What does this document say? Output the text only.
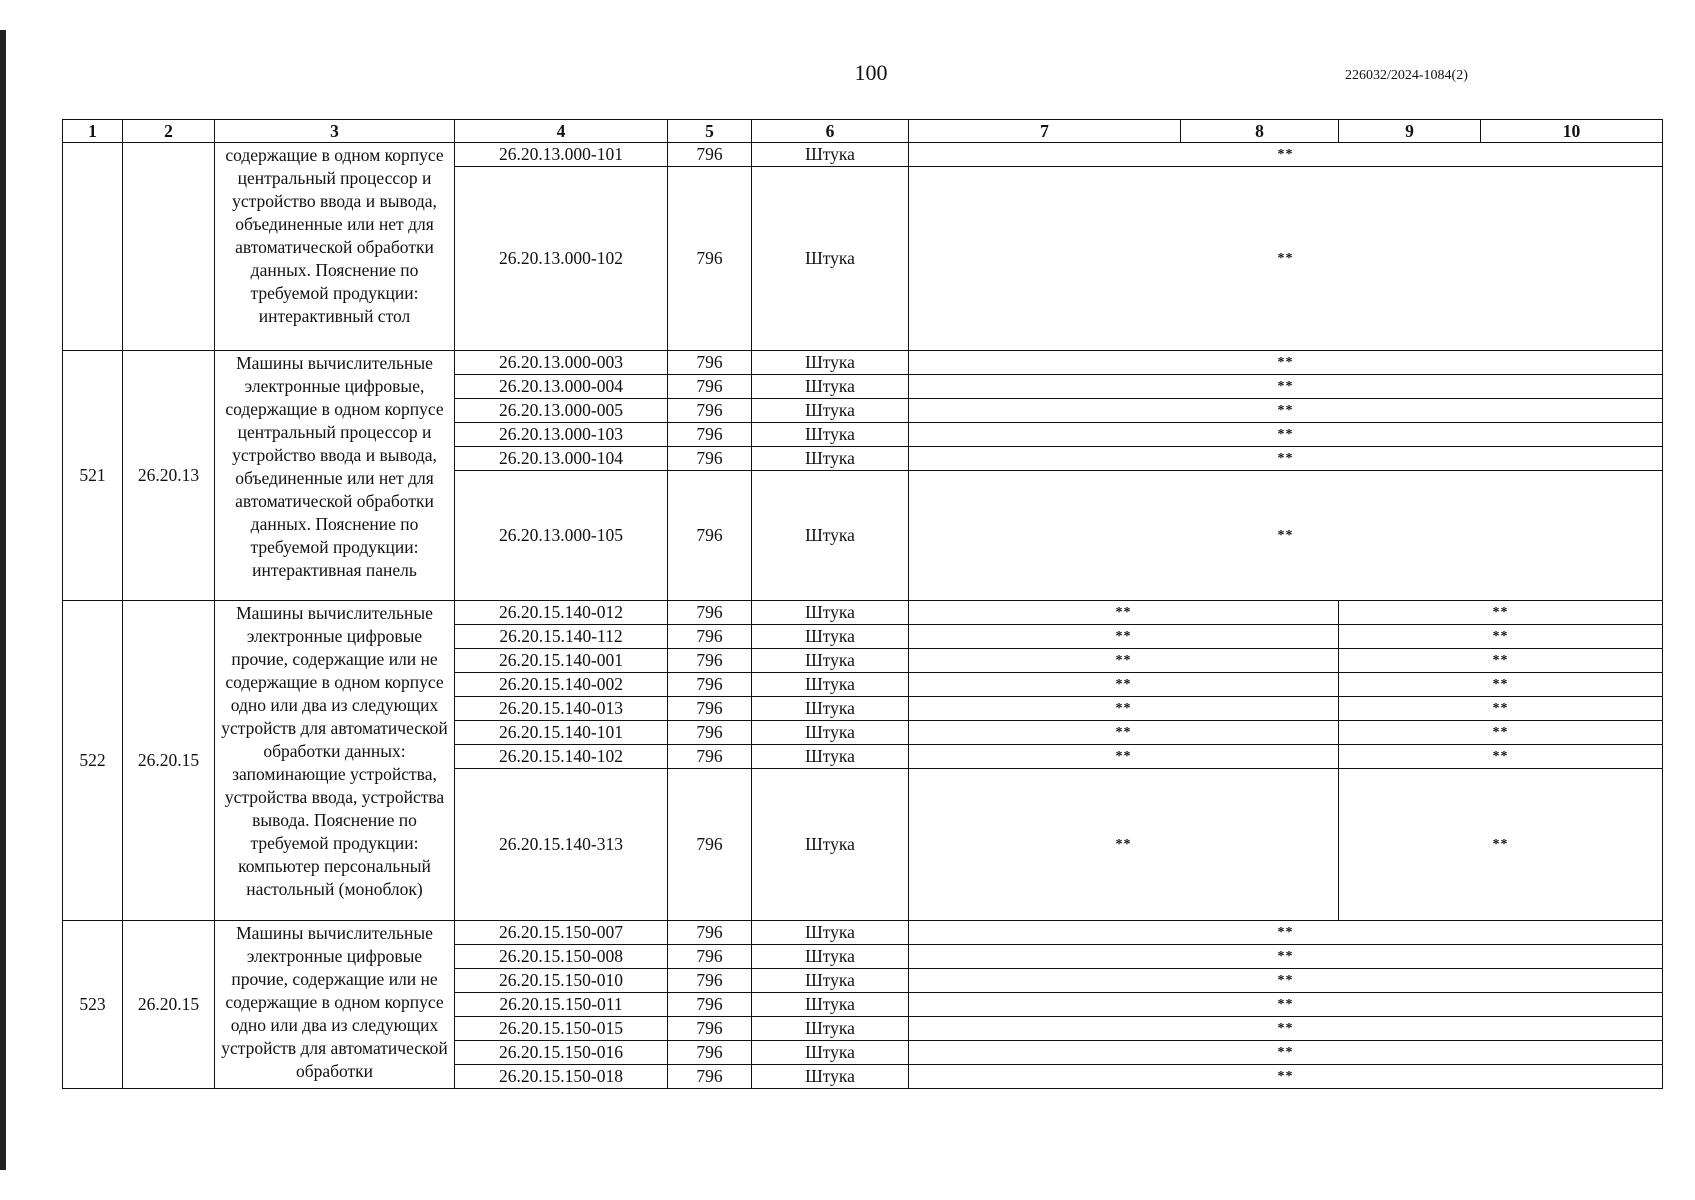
100	226032/2024-1084(2)
1	2	3	4	5	6	7	8	9	10
		содержащие в одном корпусе центральный процессор и устройство ввода и вывода, объединенные или нет для автоматической обработки данных. Пояснение по требуемой продукции: интерактивный стол	26.20.13.000-101	796	Штука	**			
			26.20.13.000-102	796	Штука	**			
521	26.20.13	Машины вычислительные электронные цифровые, содержащие в одном корпусе центральный процессор и устройство ввода и вывода, объединенные или нет для автоматической обработки данных. Пояснение по требуемой продукции: интерактивная панель	26.20.13.000-003	796	Штука	**			
			26.20.13.000-004	796	Штука	**			
			26.20.13.000-005	796	Штука	**			
			26.20.13.000-103	796	Штука	**			
			26.20.13.000-104	796	Штука	**			
			26.20.13.000-105	796	Штука	**			
522	26.20.15	Машины вычислительные электронные цифровые прочие, содержащие или не содержащие в одном корпусе одно или два из следующих устройств для автоматической обработки данных: запоминающие устройства, устройства ввода, устройства вывода. Пояснение по требуемой продукции: компьютер персональный настольный (моноблок)	26.20.15.140-012	796	Штука	**		**	
			26.20.15.140-112	796	Штука	**		**	
			26.20.15.140-001	796	Штука	**		**	
			26.20.15.140-002	796	Штука	**		**	
			26.20.15.140-013	796	Штука	**		**	
			26.20.15.140-101	796	Штука	**		**	
			26.20.15.140-102	796	Штука	**		**	
			26.20.15.140-313	796	Штука	**		**	
523	26.20.15	Машины вычислительные электронные цифровые прочие, содержащие или не содержащие в одном корпусе одно или два из следующих устройств для автоматической обработки	26.20.15.150-007	796	Штука	**			
			26.20.15.150-008	796	Штука	**			
			26.20.15.150-010	796	Штука	**			
			26.20.15.150-011	796	Штука	**			
			26.20.15.150-015	796	Штука	**			
			26.20.15.150-016	796	Штука	**			
			26.20.15.150-018	796	Штука	**			
